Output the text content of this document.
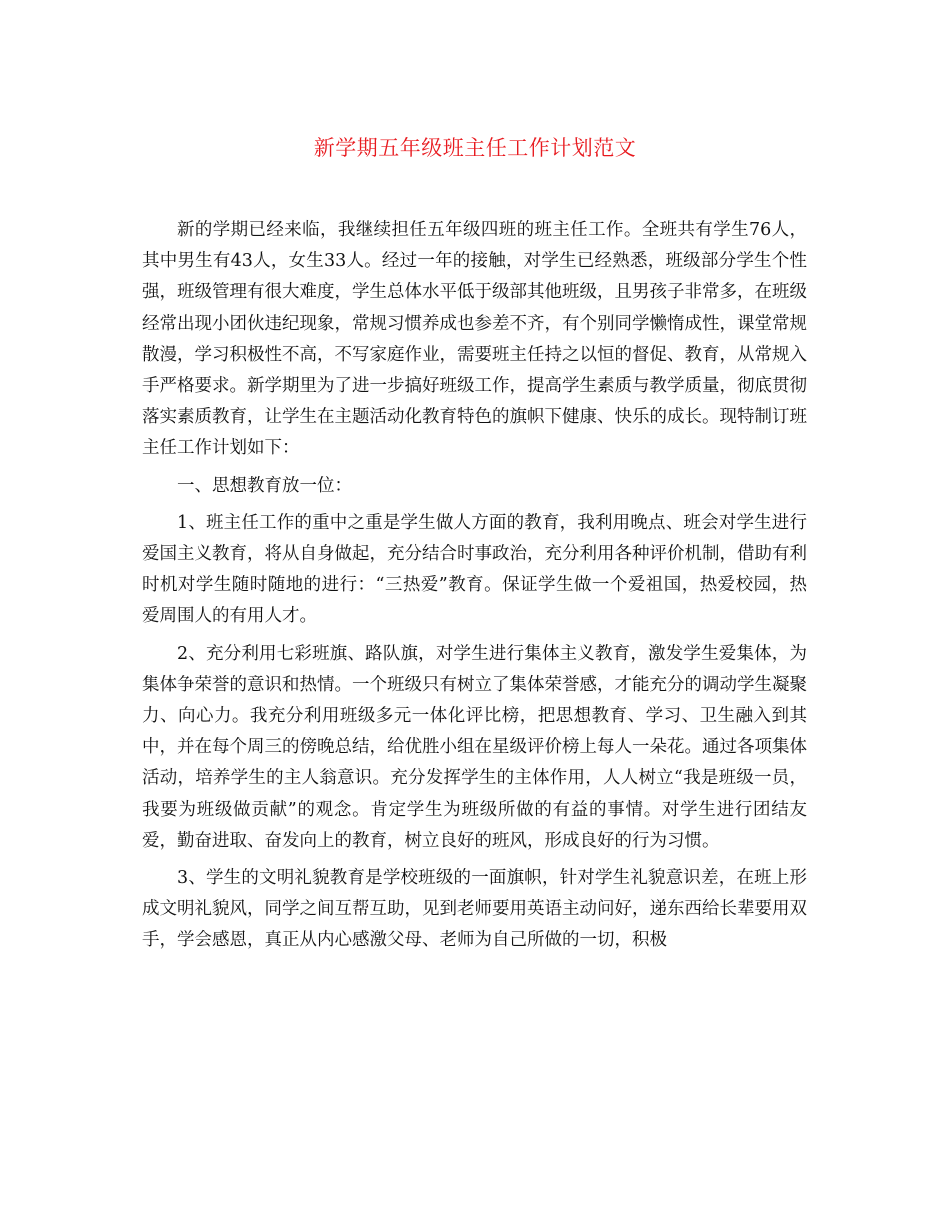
新学期五年级班主任工作计划范文

新的学期已经来临，我继续担任五年级四班的班主任工作。全班共有学生76人，其中男生有43人，女生33人。经过一年的接触，对学生已经熟悉，班级部分学生个性强，班级管理有很大难度，学生总体水平低于级部其他班级，且男孩子非常多，在班级经常出现小团伙违纪现象，常规习惯养成也参差不齐，有个别同学懒惰成性，课堂常规散漫，学习积极性不高，不写家庭作业，需要班主任持之以恒的督促、教育，从常规入手严格要求。新学期里为了进一步搞好班级工作，提高学生素质与教学质量，彻底贯彻落实素质教育，让学生在主题活动化教育特色的旗帜下健康、快乐的成长。现特制订班主任工作计划如下：

一、思想教育放一位：

1、班主任工作的重中之重是学生做人方面的教育，我利用晚点、班会对学生进行爱国主义教育，将从自身做起，充分结合时事政治，充分利用各种评价机制，借助有利时机对学生随时随地的进行：“三热爱”教育。保证学生做一个爱祖国，热爱校园，热爱周围人的有用人才。

2、充分利用七彩班旗、路队旗，对学生进行集体主义教育，激发学生爱集体，为集体争荣誉的意识和热情。一个班级只有树立了集体荣誉感，才能充分的调动学生凝聚力、向心力。我充分利用班级多元一体化评比榜，把思想教育、学习、卫生融入到其中，并在每个周三的傍晚总结，给优胜小组在星级评价榜上每人一朵花。通过各项集体活动，培养学生的主人翁意识。充分发挥学生的主体作用，人人树立“我是班级一员，我要为班级做贡献”的观念。肯定学生为班级所做的有益的事情。对学生进行团结友爱，勤奋进取、奋发向上的教育，树立良好的班风，形成良好的行为习惯。

3、学生的文明礼貌教育是学校班级的一面旗帜，针对学生礼貌意识差，在班上形成文明礼貌风，同学之间互帮互助，见到老师要用英语主动问好，递东西给长辈要用双手，学会感恩，真正从内心感激父母、老师为自己所做的一切，积极
